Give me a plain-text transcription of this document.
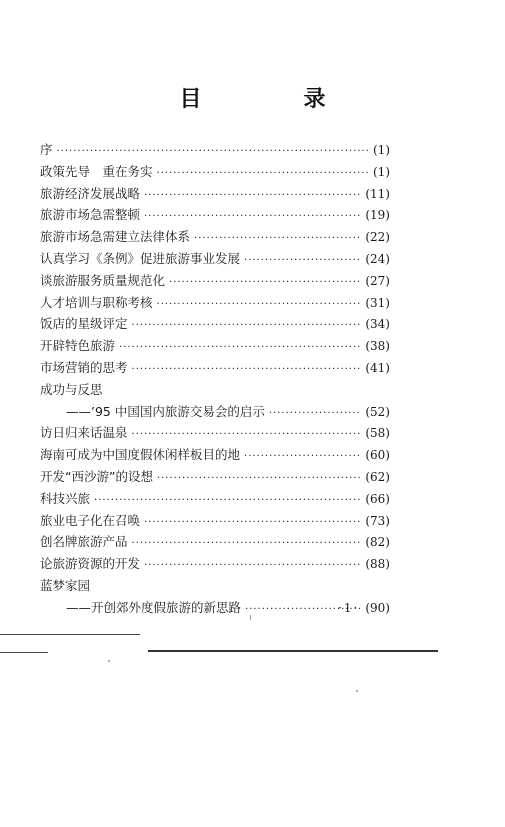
目　录
序 ·····	(1)
政策先导　重在务实 ·····	(1)
旅游经济发展战略 ·····	(11)
旅游市场急需整顿 ·····	(19)
旅游市场急需建立法律体系 ·····	(22)
认真学习《条例》促进旅游事业发展 ·····	(24)
谈旅游服务质量规范化 ·····	(27)
人才培训与职称考核 ·····	(31)
饭店的星级评定 ·····	(34)
开辟特色旅游 ·····	(38)
市场营销的思考 ·····	(41)
成功与反思
——’95 中国国内旅游交易会的启示 ·····	(52)
访日归来话温泉 ·····	(58)
海南可成为中国度假休闲样板目的地 ·····	(60)
开发“西沙游”的设想 ·····	(62)
科技兴旅 ·····	(66)
旅业电子化在召唤 ·····	(73)
创名牌旅游产品 ·····	(82)
论旅游资源的开发 ·····	(88)
蓝梦家园
——开创郊外度假旅游的新思路 ·····	(90)
·1·
